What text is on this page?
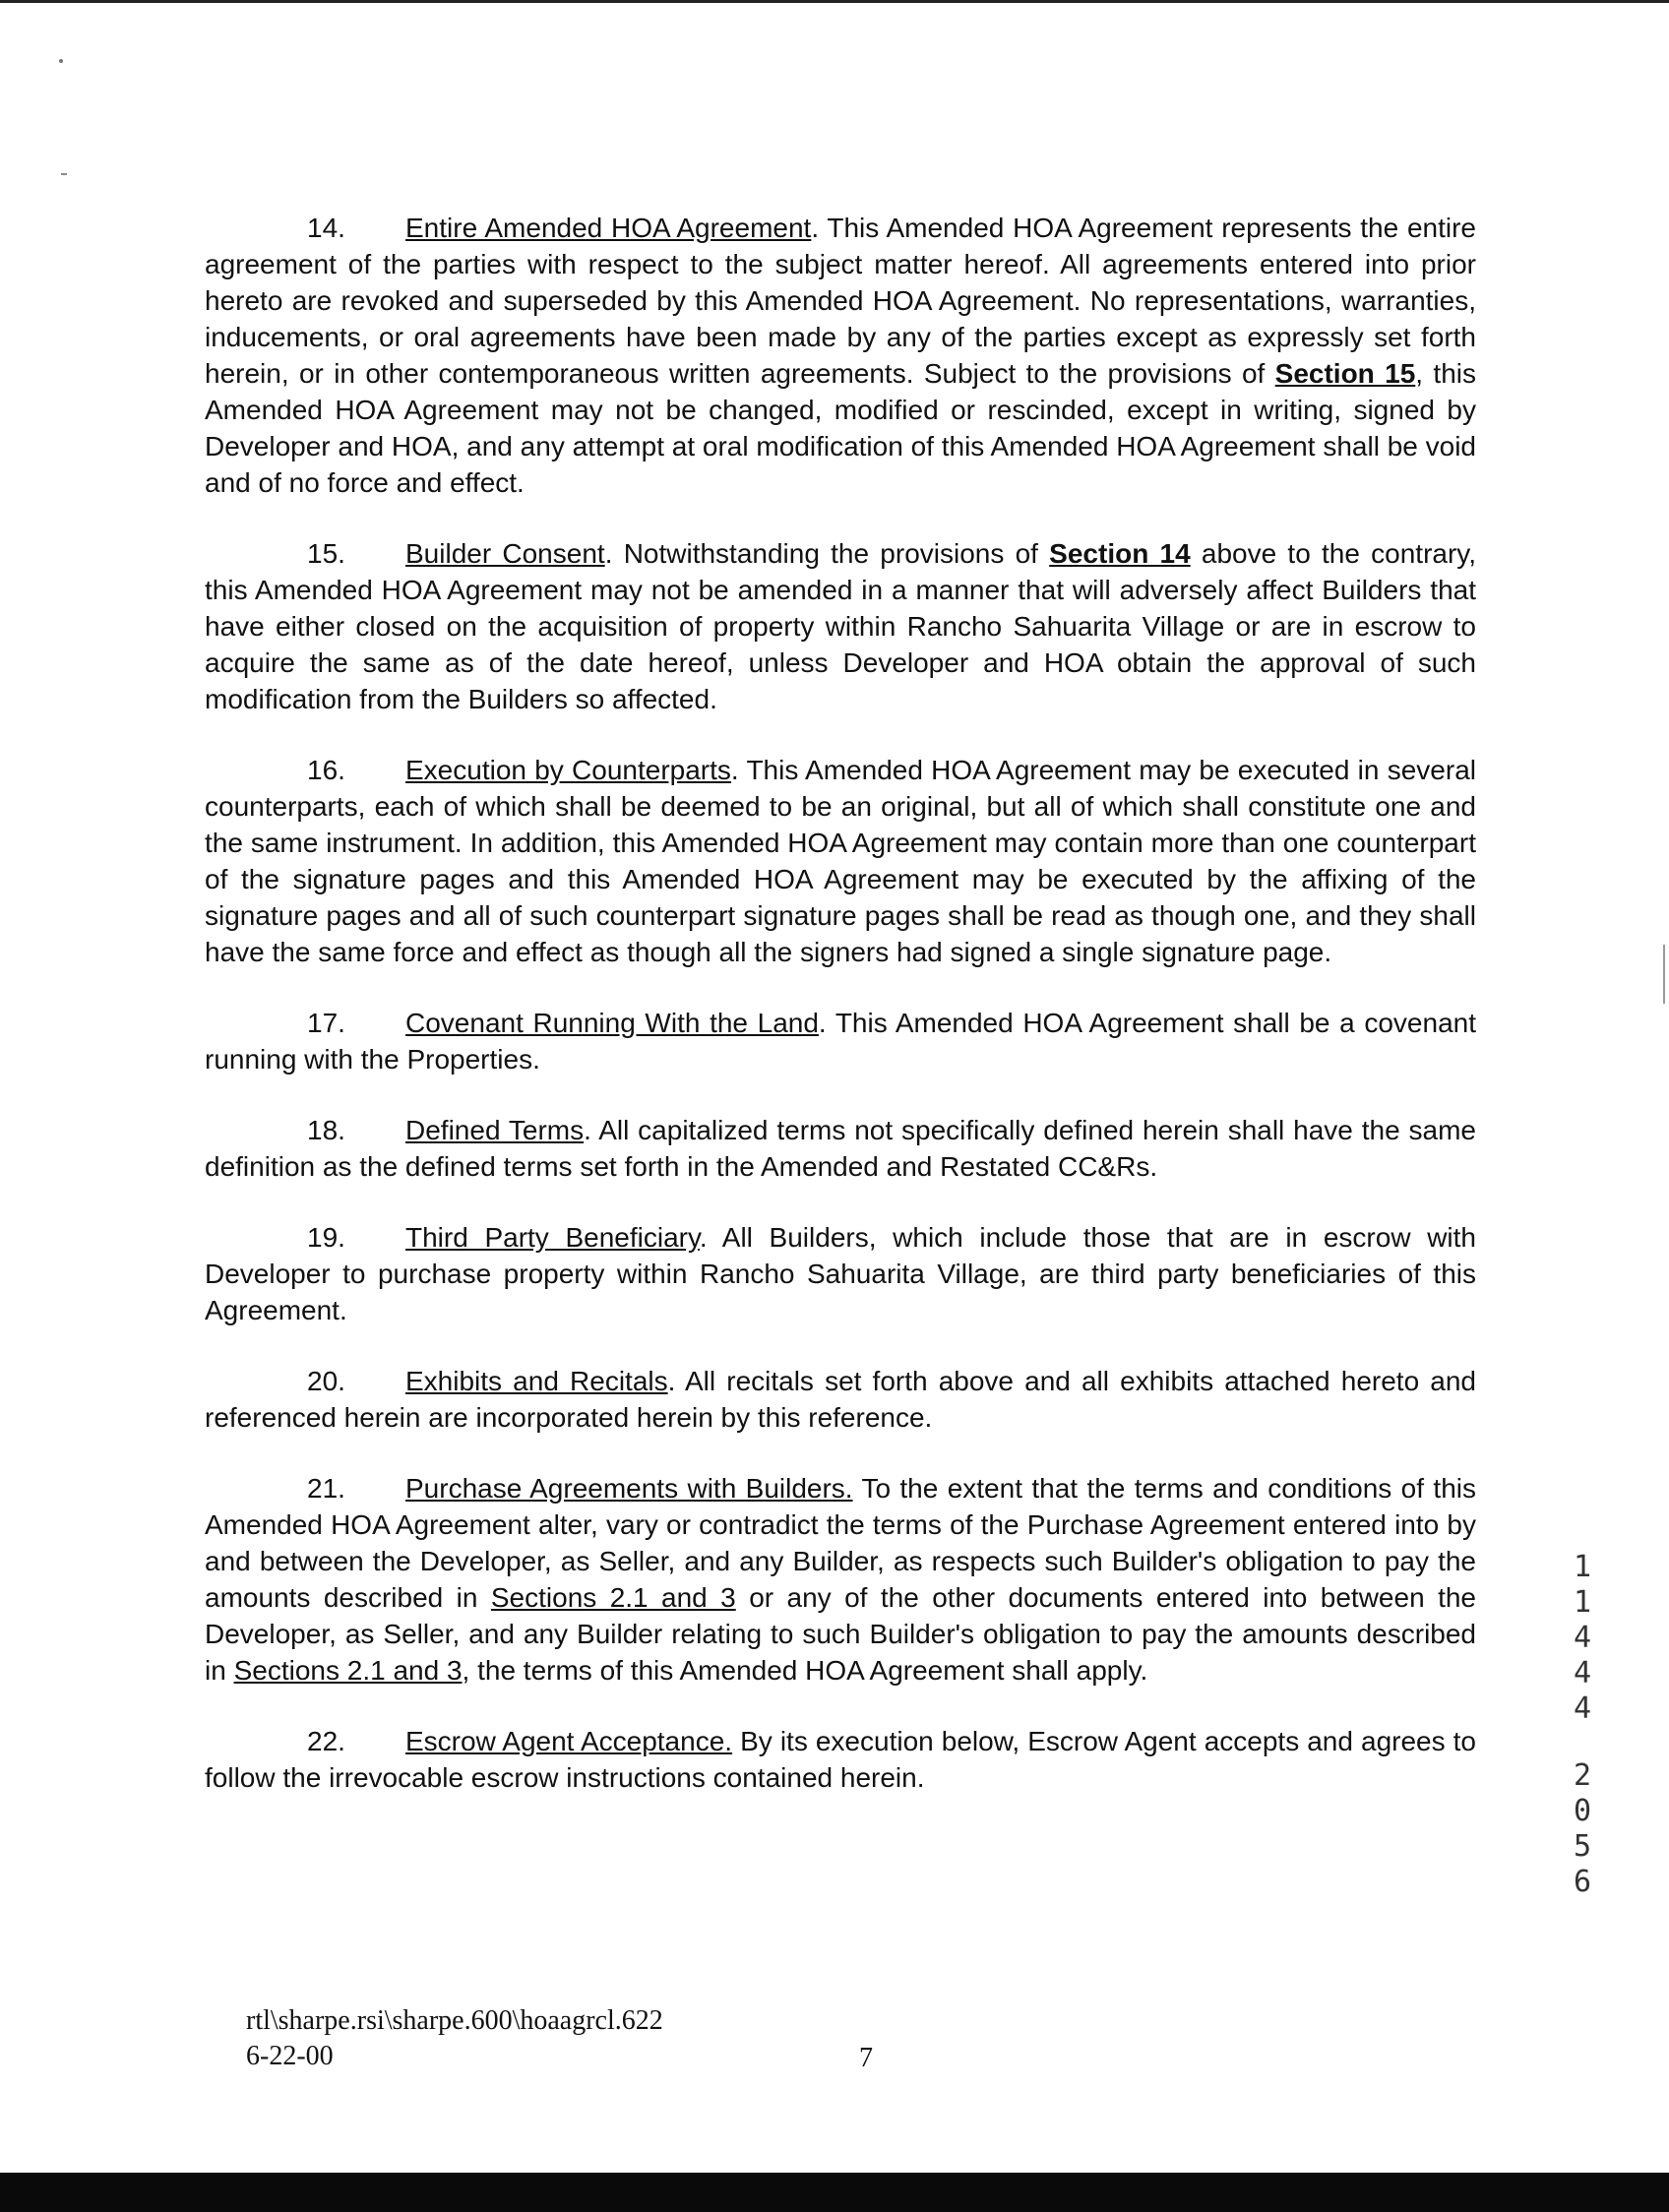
14. Entire Amended HOA Agreement. This Amended HOA Agreement represents the entire agreement of the parties with respect to the subject matter hereof. All agreements entered into prior hereto are revoked and superseded by this Amended HOA Agreement. No representations, warranties, inducements, or oral agreements have been made by any of the parties except as expressly set forth herein, or in other contemporaneous written agreements. Subject to the provisions of Section 15, this Amended HOA Agreement may not be changed, modified or rescinded, except in writing, signed by Developer and HOA, and any attempt at oral modification of this Amended HOA Agreement shall be void and of no force and effect.

15. Builder Consent. Notwithstanding the provisions of Section 14 above to the contrary, this Amended HOA Agreement may not be amended in a manner that will adversely affect Builders that have either closed on the acquisition of property within Rancho Sahuarita Village or are in escrow to acquire the same as of the date hereof, unless Developer and HOA obtain the approval of such modification from the Builders so affected.

16. Execution by Counterparts. This Amended HOA Agreement may be executed in several counterparts, each of which shall be deemed to be an original, but all of which shall constitute one and the same instrument. In addition, this Amended HOA Agreement may contain more than one counterpart of the signature pages and this Amended HOA Agreement may be executed by the affixing of the signature pages and all of such counterpart signature pages shall be read as though one, and they shall have the same force and effect as though all the signers had signed a single signature page.

17. Covenant Running With the Land. This Amended HOA Agreement shall be a covenant running with the Properties.

18. Defined Terms. All capitalized terms not specifically defined herein shall have the same definition as the defined terms set forth in the Amended and Restated CC&Rs.

19. Third Party Beneficiary. All Builders, which include those that are in escrow with Developer to purchase property within Rancho Sahuarita Village, are third party beneficiaries of this Agreement.

20. Exhibits and Recitals. All recitals set forth above and all exhibits attached hereto and referenced herein are incorporated herein by this reference.

21. Purchase Agreements with Builders. To the extent that the terms and conditions of this Amended HOA Agreement alter, vary or contradict the terms of the Purchase Agreement entered into by and between the Developer, as Seller, and any Builder, as respects such Builder's obligation to pay the amounts described in Sections 2.1 and 3 or any of the other documents entered into between the Developer, as Seller, and any Builder relating to such Builder's obligation to pay the amounts described in Sections 2.1 and 3, the terms of this Amended HOA Agreement shall apply.

22. Escrow Agent Acceptance. By its execution below, Escrow Agent accepts and agrees to follow the irrevocable escrow instructions contained herein.

1
1
4
4
4
2
0
5
6
rtl\sharpe.rsi\sharpe.600\hoaagrcl.622
6-22-00	7
